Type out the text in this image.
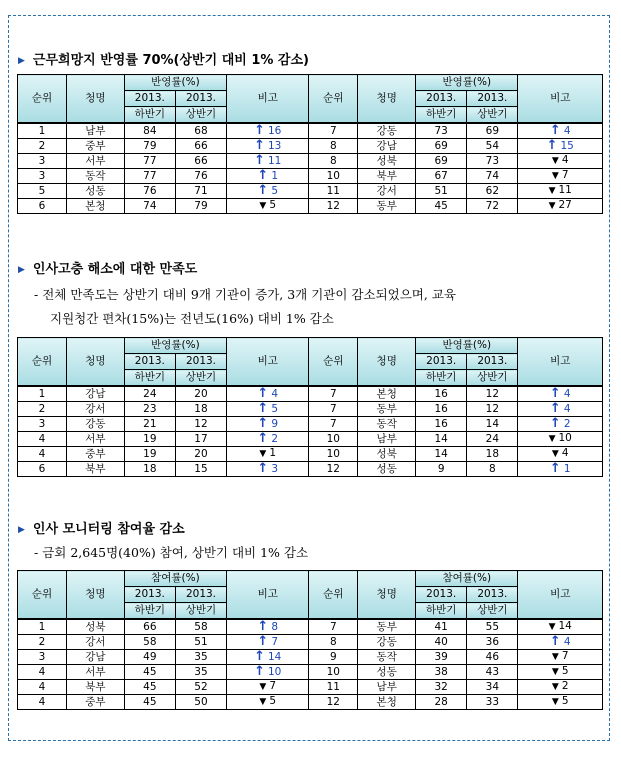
▶ 근무희망지 반영률 70%(상반기 대비 1% 감소)
순위	청명	반영률(%)		비고	순위	청명	반영률(%)		비고
		2013.	2013.				2013.	2013.	
		하반기	상반기				하반기	상반기	
1	남부	84	68	↑ 16	7	강동	73	69	↑ 4
2	중부	79	66	↑ 13	8	강남	69	54	↑ 15
3	서부	77	66	↑ 11	8	성북	69	73	▼ 4
3	동작	77	76	↑ 1	10	북부	67	74	▼ 7
5	성동	76	71	↑ 5	11	강서	51	62	▼ 11
6	본청	74	79	▼ 5	12	동부	45	72	▼ 27
▶ 인사고충 해소에 대한 만족도
- 전체 만족도는 상반기 대비 9개 기관이 증가, 3개 기관이 감소되었으며, 교육
지원청간 편차(15%)는 전년도(16%) 대비 1% 감소
순위	청명	반영률(%)		비고	순위	청명	반영률(%)		비고
		2013.	2013.				2013.	2013.	
		하반기	상반기				하반기	상반기	
1	강남	24	20	↑ 4	7	본청	16	12	↑ 4
2	강서	23	18	↑ 5	7	동부	16	12	↑ 4
3	강동	21	12	↑ 9	7	동작	16	14	↑ 2
4	서부	19	17	↑ 2	10	남부	14	24	▼ 10
4	중부	19	20	▼ 1	10	성북	14	18	▼ 4
6	북부	18	15	↑ 3	12	성동	9	8	↑ 1
▶ 인사 모니터링 참여율 감소
- 금회 2,645명(40%) 참여, 상반기 대비 1% 감소
순위	청명	참여률(%)		비고	순위	청명	참여률(%)		비고
		2013.	2013.				2013.	2013.	
		하반기	상반기				하반기	상반기	
1	성북	66	58	↑ 8	7	동부	41	55	▼ 14
2	강서	58	51	↑ 7	8	강동	40	36	↑ 4
3	강남	49	35	↑ 14	9	동작	39	46	▼ 7
4	서부	45	35	↑ 10	10	성동	38	43	▼ 5
4	북부	45	52	▼ 7	11	남부	32	34	▼ 2
4	중부	45	50	▼ 5	12	본청	28	33	▼ 5
